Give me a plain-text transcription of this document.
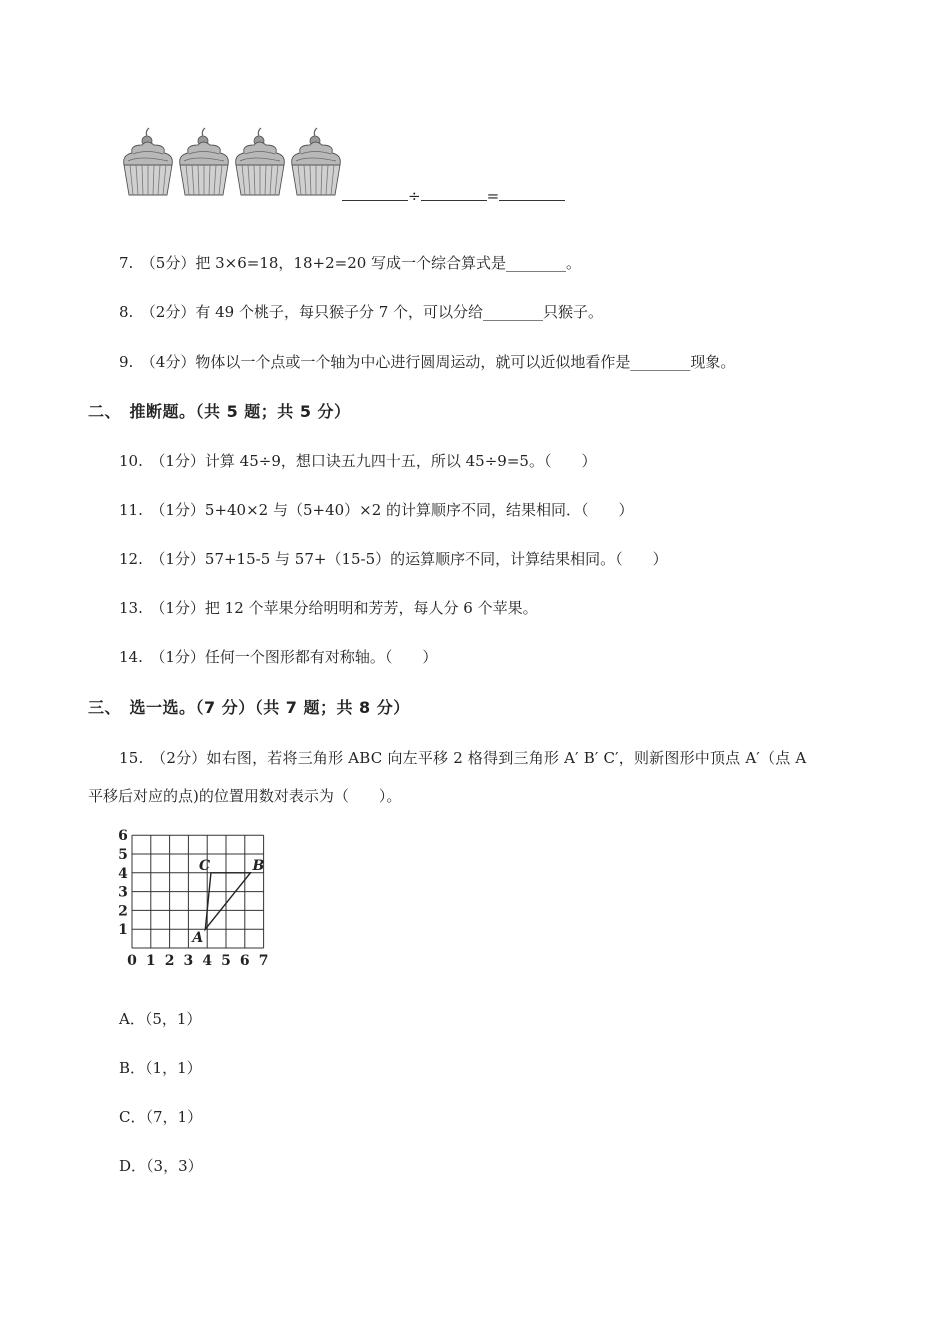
÷	=
7.　（5分）把 3×6=18，18+2=20 写成一个综合算式是________。
8.　（2分）有 49 个桃子，每只猴子分 7 个，可以分给________只猴子。
9.　（4分）物体以一个点或一个轴为中心进行圆周运动，就可以近似地看作是________现象。
二、　推断题。（共 5 题；共 5 分）
10.　（1分）计算 45÷9，想口诀五九四十五，所以 45÷9=5。（　　）
11.　（1分）5+40×2 与（5+40）×2 的计算顺序不同，结果相同．（　　）
12.　（1分）57+15-5 与 57+（15-5）的运算顺序不同，计算结果相同。（　　）
13.　（1分）把 12 个苹果分给明明和芳芳，每人分 6 个苹果。
14.　（1分）任何一个图形都有对称轴。（　　）
三、　选一选。（7 分）（共 7 题；共 8 分）
15.　（2分）如右图，若将三角形 ABC 向左平移 2 格得到三角形 A′ B′ C′，则新图形中顶点 A′（点 A
平移后对应的点)的位置用数对表示为（　　）。
0 1 2 3 4 5 6 7
1
2
3
4
5
6
A
B
C
A．（5，1）
B．（1，1）
C．（7，1）
D．（3，3）
